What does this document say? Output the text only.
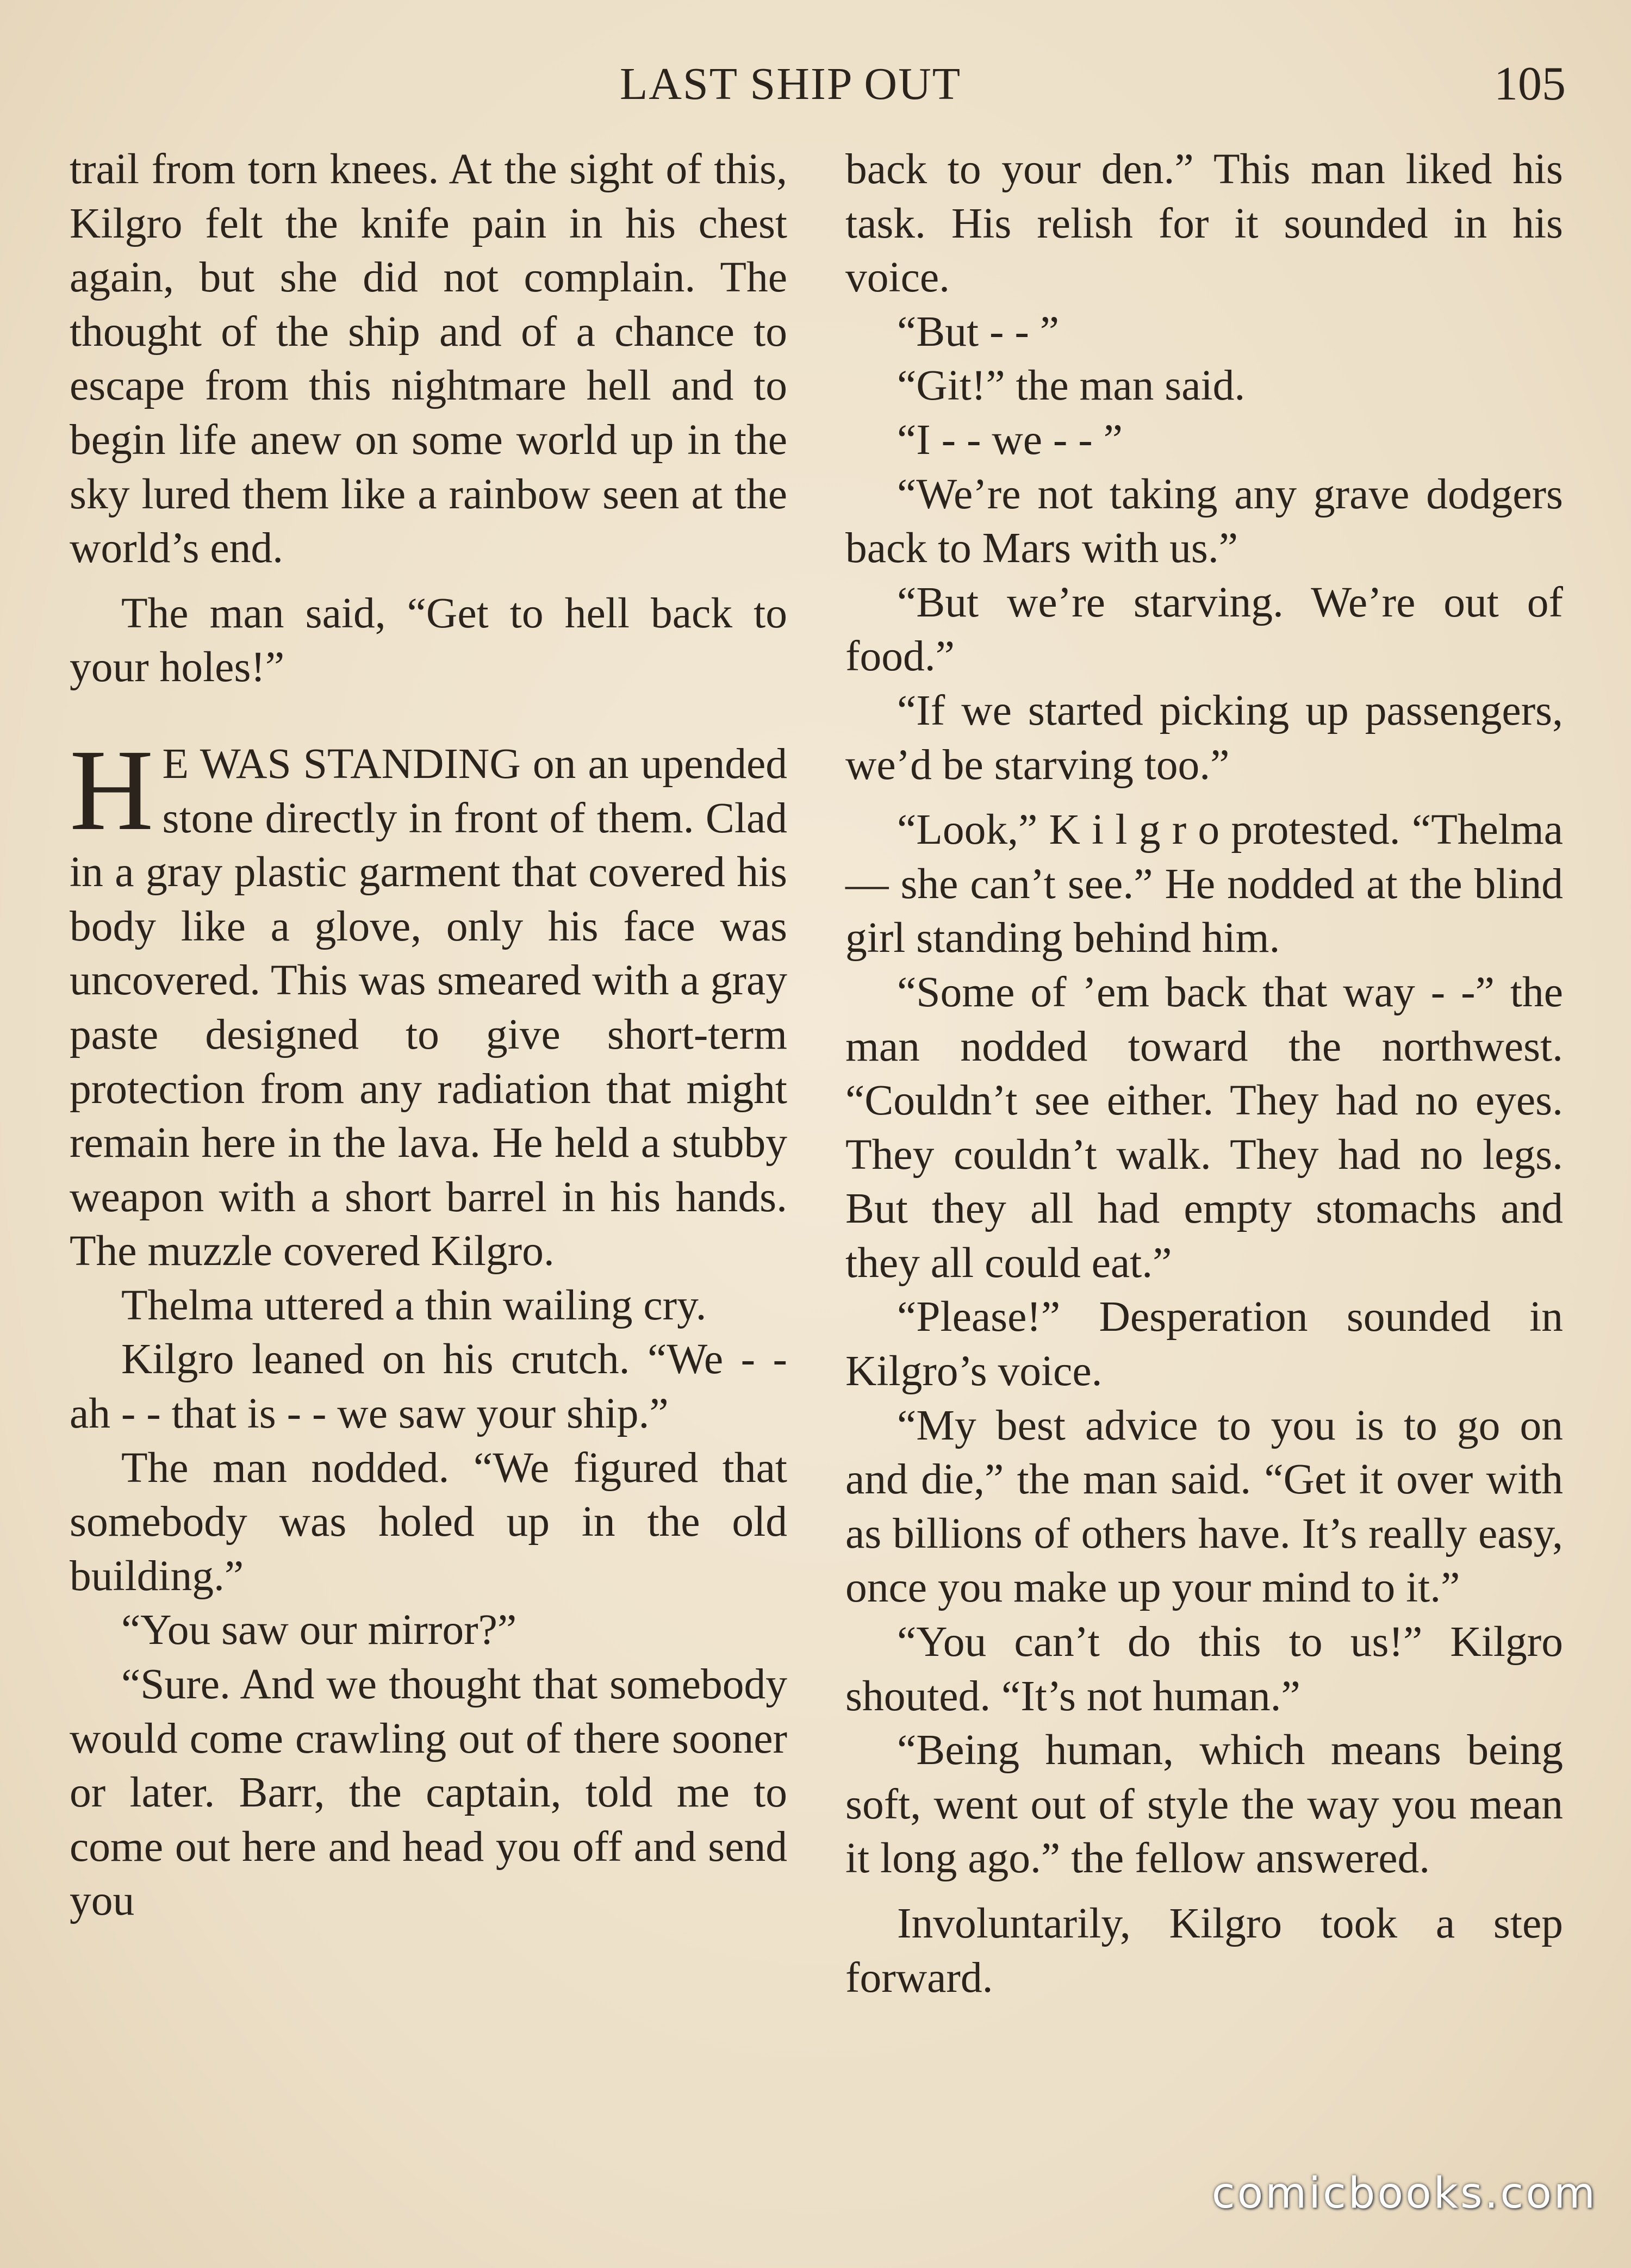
LAST SHIP OUT	105

trail from torn knees. At the sight of this, Kilgro felt the knife pain in his chest again, but she did not complain. The thought of the ship and of a chance to escape from this nightmare hell and to begin life anew on some world up in the sky lured them like a rainbow seen at the world’s end.

The man said, “Get to hell back to your holes!”

H E WAS STANDING on an upended stone directly in front of them. Clad in a gray plastic garment that covered his body like a glove, only his face was uncovered. This was smeared with a gray paste designed to give short-term protection from any radiation that might remain here in the lava. He held a stubby weapon with a short barrel in his hands. The muzzle covered Kilgro.

Thelma uttered a thin wailing cry.

Kilgro leaned on his crutch. “We - - ah - - that is - - we saw your ship.”

The man nodded. “We figured that somebody was holed up in the old building.”

“You saw our mirror?”

“Sure. And we thought that somebody would come crawling out of there sooner or later. Barr, the captain, told me to come out here and head you off and send you

back to your den.” This man liked his task. His relish for it sounded in his voice.

“But - - ”

“Git!” the man said.

“I - - we - - ”

“We’re not taking any grave dodgers back to Mars with us.”

“But we’re starving. We’re out of food.”

“If we started picking up passengers, we’d be starving too.”

“Look,” K i l g r o protested. “Thelma — she can’t see.” He nodded at the blind girl standing behind him.

“Some of ’em back that way - -” the man nodded toward the northwest. “Couldn’t see either. They had no eyes. They couldn’t walk. They had no legs. But they all had empty stomachs and they all could eat.”

“Please!” Desperation sounded in Kilgro’s voice.

“My best advice to you is to go on and die,” the man said. “Get it over with as billions of others have. It’s really easy, once you make up your mind to it.”

“You can’t do this to us!” Kilgro shouted. “It’s not human.”

“Being human, which means being soft, went out of style the way you mean it long ago.” the fellow answered.

Involuntarily, Kilgro took a step forward.

comicbooks.com
